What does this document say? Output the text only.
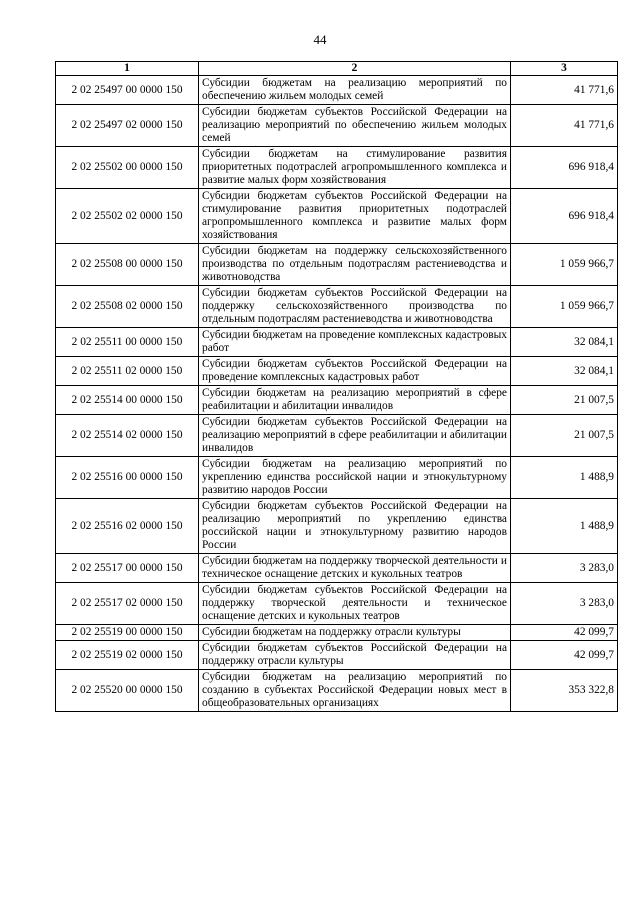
44
1	2	3
2 02 25497 00 0000 150	Субсидии бюджетам на реализацию мероприятий по обеспечению жильем молодых семей	41 771,6
2 02 25497 02 0000 150	Субсидии бюджетам субъектов Российской Федерации на реализацию мероприятий по обеспечению жильем молодых семей	41 771,6
2 02 25502 00 0000 150	Субсидии бюджетам на стимулирование развития приоритетных подотраслей агропромышленного комплекса и развитие малых форм хозяйствования	696 918,4
2 02 25502 02 0000 150	Субсидии бюджетам субъектов Российской Федерации на стимулирование развития приоритетных подотраслей агропромышленного комплекса и развитие малых форм хозяйствования	696 918,4
2 02 25508 00 0000 150	Субсидии бюджетам на поддержку сельскохозяйственного производства по отдельным подотраслям растениеводства и животноводства	1 059 966,7
2 02 25508 02 0000 150	Субсидии бюджетам субъектов Российской Федерации на поддержку сельскохозяйственного производства по отдельным подотраслям растениеводства и животноводства	1 059 966,7
2 02 25511 00 0000 150	Субсидии бюджетам на проведение комплексных кадастровых работ	32 084,1
2 02 25511 02 0000 150	Субсидии бюджетам субъектов Российской Федерации на проведение комплексных кадастровых работ	32 084,1
2 02 25514 00 0000 150	Субсидии бюджетам на реализацию мероприятий в сфере реабилитации и абилитации инвалидов	21 007,5
2 02 25514 02 0000 150	Субсидии бюджетам субъектов Российской Федерации на реализацию мероприятий в сфере реабилитации и абилитации инвалидов	21 007,5
2 02 25516 00 0000 150	Субсидии бюджетам на реализацию мероприятий по укреплению единства российской нации и этнокультурному развитию народов России	1 488,9
2 02 25516 02 0000 150	Субсидии бюджетам субъектов Российской Федерации на реализацию мероприятий по укреплению единства российской нации и этнокультурному развитию народов России	1 488,9
2 02 25517 00 0000 150	Субсидии бюджетам на поддержку творческой деятельности и техническое оснащение детских и кукольных театров	3 283,0
2 02 25517 02 0000 150	Субсидии бюджетам субъектов Российской Федерации на поддержку творческой деятельности и техническое оснащение детских и кукольных театров	3 283,0
2 02 25519 00 0000 150	Субсидии бюджетам на поддержку отрасли культуры	42 099,7
2 02 25519 02 0000 150	Субсидии бюджетам субъектов Российской Федерации на поддержку отрасли культуры	42 099,7
2 02 25520 00 0000 150	Субсидии бюджетам на реализацию мероприятий по созданию в субъектах Российской Федерации новых мест в общеобразовательных организациях	353 322,8
